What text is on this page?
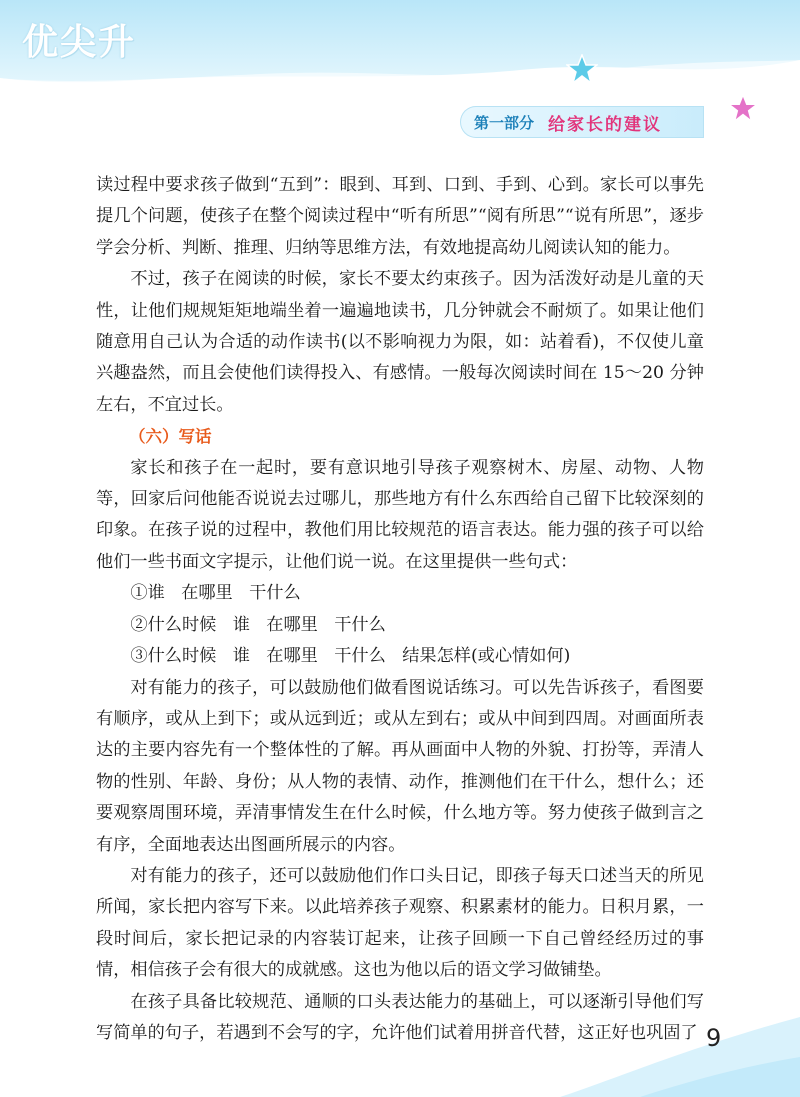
优尖升
第一部分 给家长的建议

读过程中要求孩子做到“五到”：眼到、耳到、口到、手到、心到。家长可以事先提几个问题，使孩子在整个阅读过程中“听有所思”“阅有所思”“说有所思”，逐步学会分析、判断、推理、归纳等思维方法，有效地提高幼儿阅读认知的能力。

不过，孩子在阅读的时候，家长不要太约束孩子。因为活泼好动是儿童的天性，让他们规规矩矩地端坐着一遍遍地读书，几分钟就会不耐烦了。如果让他们随意用自己认为合适的动作读书(以不影响视力为限，如：站着看)，不仅使儿童兴趣盎然，而且会使他们读得投入、有感情。一般每次阅读时间在 15～20 分钟左右，不宜过长。

（六）写话

家长和孩子在一起时，要有意识地引导孩子观察树木、房屋、动物、人物等，回家后问他能否说说去过哪儿，那些地方有什么东西给自己留下比较深刻的印象。在孩子说的过程中，教他们用比较规范的语言表达。能力强的孩子可以给他们一些书面文字提示，让他们说一说。在这里提供一些句式：

①谁   在哪里   干什么

②什么时候   谁   在哪里   干什么

③什么时候   谁   在哪里   干什么   结果怎样(或心情如何)

对有能力的孩子，可以鼓励他们做看图说话练习。可以先告诉孩子，看图要有顺序，或从上到下；或从远到近；或从左到右；或从中间到四周。对画面所表达的主要内容先有一个整体性的了解。再从画面中人物的外貌、打扮等，弄清人物的性别、年龄、身份；从人物的表情、动作，推测他们在干什么，想什么；还要观察周围环境，弄清事情发生在什么时候，什么地方等。努力使孩子做到言之有序，全面地表达出图画所展示的内容。

对有能力的孩子，还可以鼓励他们作口头日记，即孩子每天口述当天的所见所闻，家长把内容写下来。以此培养孩子观察、积累素材的能力。日积月累，一段时间后，家长把记录的内容装订起来，让孩子回顾一下自己曾经经历过的事情，相信孩子会有很大的成就感。这也为他以后的语文学习做铺垫。

在孩子具备比较规范、通顺的口头表达能力的基础上，可以逐渐引导他们写写简单的句子，若遇到不会写的字，允许他们试着用拼音代替，这正好也巩固了 9
